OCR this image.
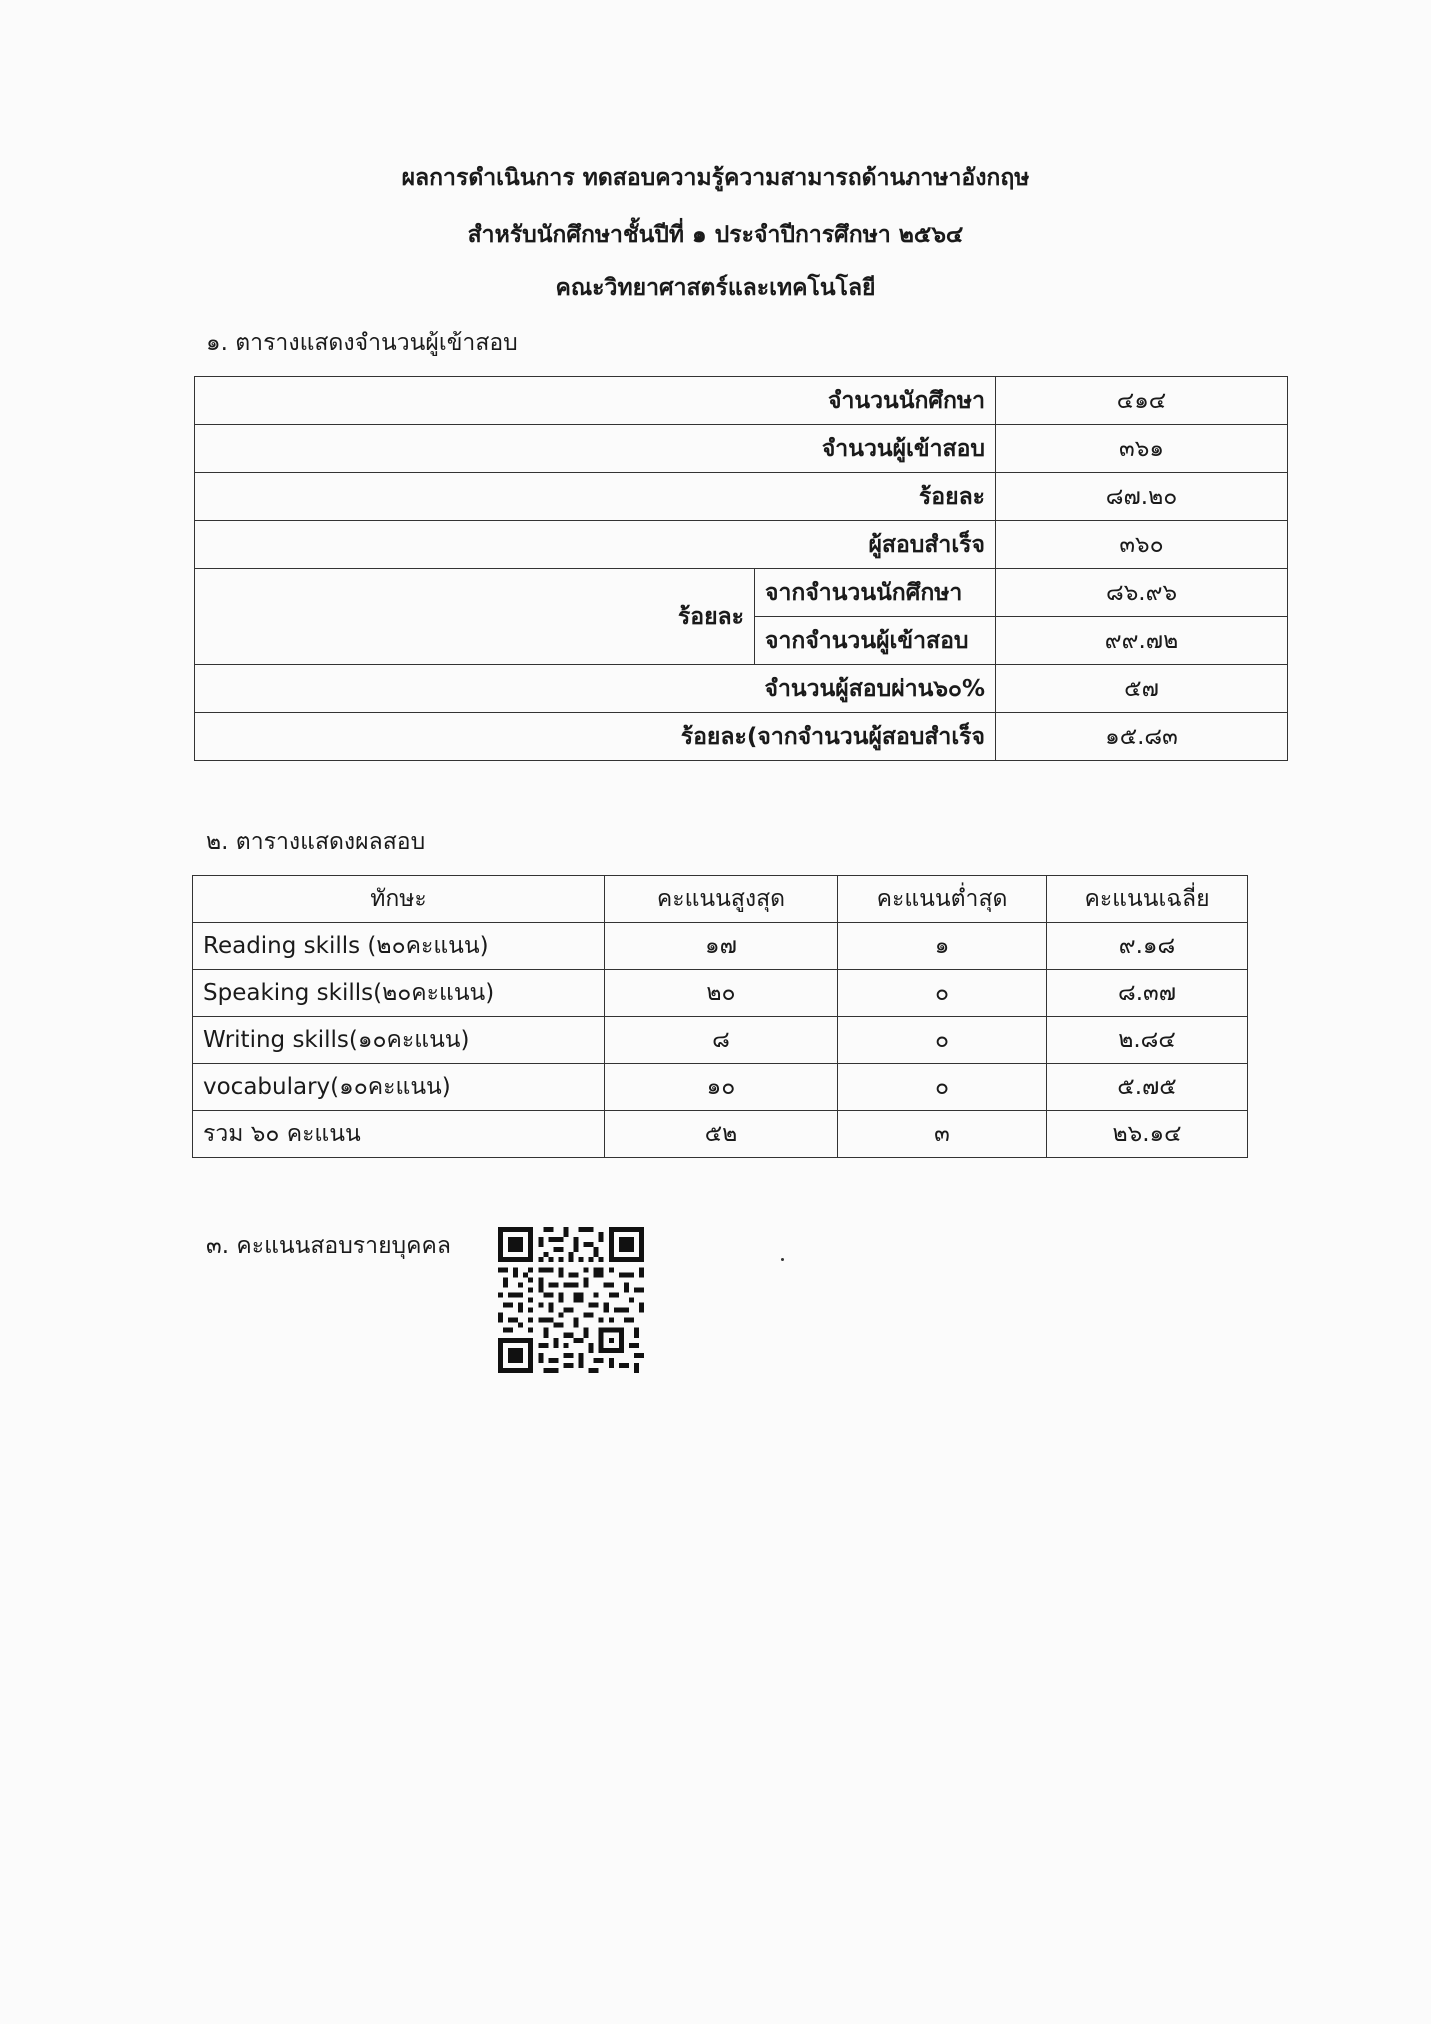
ผลการดำเนินการ ทดสอบความรู้ความสามารถด้านภาษาอังกฤษ
สำหรับนักศึกษาชั้นปีที่ ๑ ประจำปีการศึกษา ๒๕๖๔
คณะวิทยาศาสตร์และเทคโนโลยี
๑. ตารางแสดงจำนวนผู้เข้าสอบ
จำนวนนักศึกษา		๔๑๔
จำนวนผู้เข้าสอบ		๓๖๑
ร้อยละ		๘๗.๒๐
ผู้สอบสำเร็จ		๓๖๐
ร้อยละ	จากจำนวนนักศึกษา	๘๖.๙๖
	จากจำนวนผู้เข้าสอบ	๙๙.๗๒
จำนวนผู้สอบผ่าน๖๐%		๕๗
ร้อยละ(จากจำนวนผู้สอบสำเร็จ		๑๕.๘๓
๒. ตารางแสดงผลสอบ
ทักษะ	คะแนนสูงสุด	คะแนนต่ำสุด	คะแนนเฉลี่ย
Reading skills (๒๐คะแนน)	๑๗	๑	๙.๑๘
Speaking skills(๒๐คะแนน)	๒๐	๐	๘.๓๗
Writing skills(๑๐คะแนน)	๘	๐	๒.๘๔
vocabulary(๑๐คะแนน)	๑๐	๐	๕.๗๕
รวม ๖๐ คะแนน	๕๒	๓	๒๖.๑๔
๓. คะแนนสอบรายบุคคล
